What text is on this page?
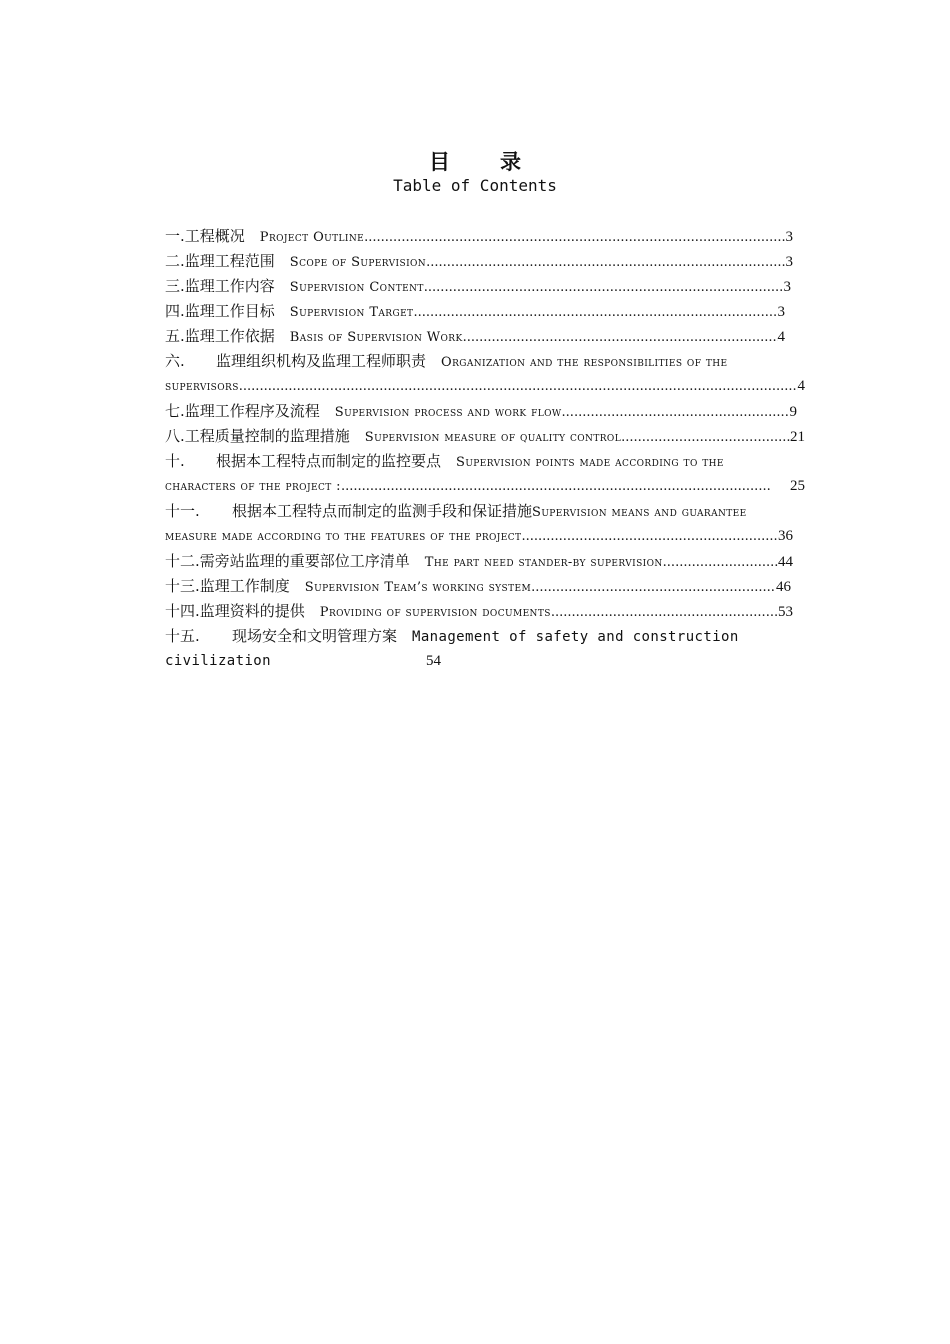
目录
Table of Contents
一. 工程概况 Project Outline .....	3
二. 监理工程范围 Scope of Supervision .....	3
三. 监理工作内容 Supervision Content .....	3
四. 监理工作目标 Supervision Target .....	3
五. 监理工作依据 Basis of Supervision Work .....	4
六.	监理组织机构及监理工程师职责 Organization and the responsibilities of the
supervisors .....	4
七. 监理工作程序及流程 Supervision process and work flow .....	9
八. 工程质量控制的监理措施 Supervision measure of quality control .....	21
十.	根据本工程特点而制定的监控要点 Supervision points made according to the
characters of the project : .....	25
十一.	根据本工程特点而制定的监测手段和保证措施 Supervision means and guarantee
measure made according to the features of the project .....	36
十二. 需旁站监理的重要部位工序清单 The part need stander-by supervision .....	44
十三. 监理工作制度 Supervision Team’s working system .....	46
十四. 监理资料的提供 Providing of supervision documents .....	53
十五.	现场安全和文明管理方案 Management of safety and construction
civilization	54
